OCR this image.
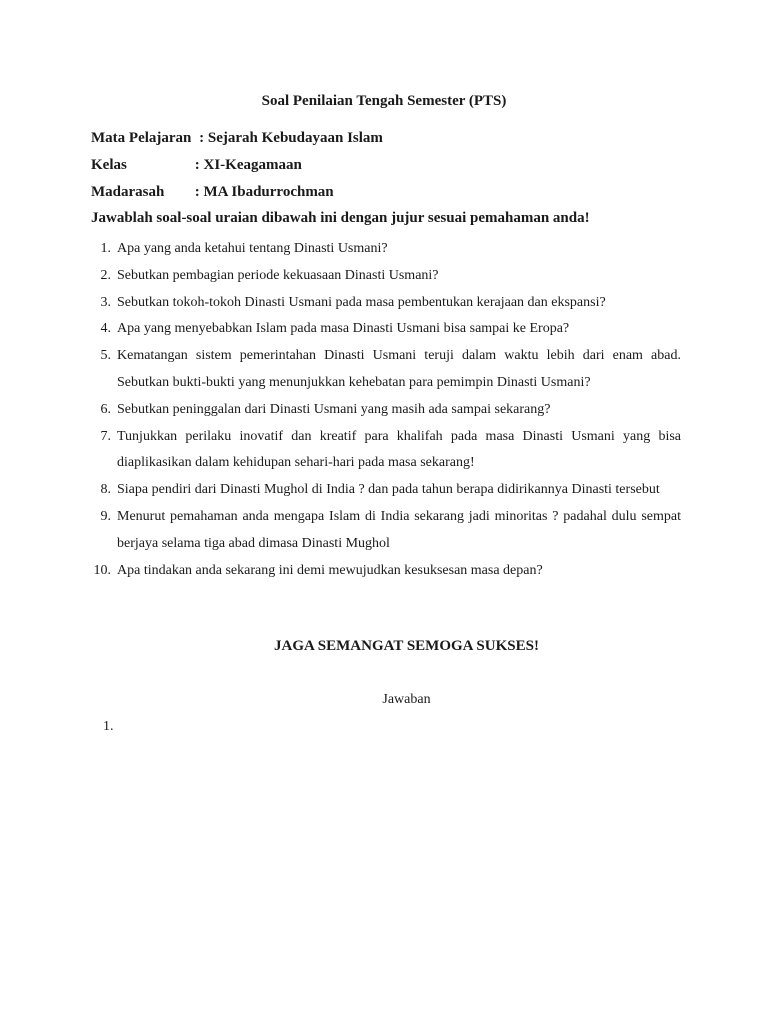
Soal Penilaian Tengah Semester (PTS)
Mata Pelajaran : Sejarah Kebudayaan Islam
Kelas	: XI-Keagamaan
Madarasah : MA Ibadurrochman
Jawablah soal-soal uraian dibawah ini dengan jujur sesuai pemahaman anda!
1. Apa yang anda ketahui tentang Dinasti Usmani?
2. Sebutkan pembagian periode kekuasaan Dinasti Usmani?
3. Sebutkan tokoh-tokoh Dinasti Usmani pada masa pembentukan kerajaan dan ekspansi?
4. Apa yang menyebabkan Islam pada masa Dinasti Usmani bisa sampai ke Eropa?
5. Kematangan sistem pemerintahan Dinasti Usmani teruji dalam waktu lebih dari enam abad. Sebutkan bukti-bukti yang menunjukkan kehebatan para pemimpin Dinasti Usmani?
6. Sebutkan peninggalan dari Dinasti Usmani yang masih ada sampai sekarang?
7. Tunjukkan perilaku inovatif dan kreatif para khalifah pada masa Dinasti Usmani yang bisa diaplikasikan dalam kehidupan sehari-hari pada masa sekarang!
8. Siapa pendiri dari Dinasti Mughol di India ? dan pada tahun berapa didirikannya Dinasti tersebut
9. Menurut pemahaman anda mengapa Islam di India sekarang jadi minoritas ? padahal dulu sempat berjaya selama tiga abad dimasa Dinasti Mughol
10. Apa tindakan anda sekarang ini demi mewujudkan kesuksesan masa depan?
JAGA SEMANGAT SEMOGA SUKSES!
Jawaban
1.
